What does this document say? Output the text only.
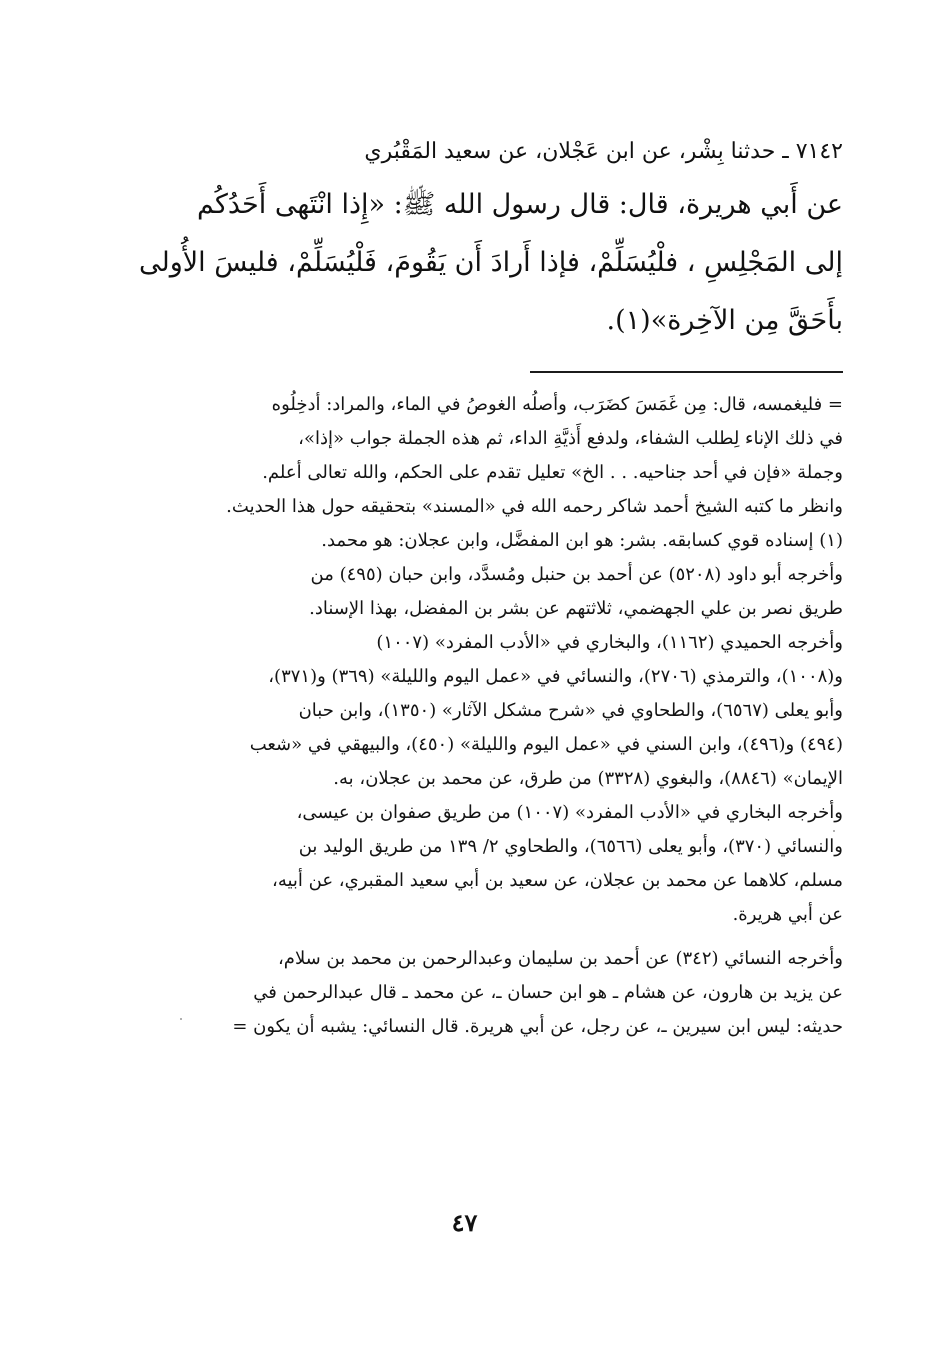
٧١٤٢ ـ حدثنا بِشْر، عن ابن عَجْلان، عن سعيد المَقْبُري
عن أَبي هريرة، قال: قال رسول الله ﷺ: «إِذا انْتَهى أَحَدُكُم
إلى المَجْلِسِ ، فلْيُسَلِّمْ، فإذا أَرادَ أَن يَقُومَ، فَلْيُسَلِّمْ، فليسَ الأُولى
بأَحَقَّ مِن الآخِرة»(١).
= فليغمسه، قال: مِن غَمَسَ كضَرَب، وأصلُه الغوصُ في الماء، والمراد: أدخِلُوه
في ذلك الإناء لِطلب الشفاء، ولدفع أَذيَّةِ الداء، ثم هذه الجملة جواب «إذا»،
وجملة «فإن في أحد جناحيه. . . الخ» تعليل تقدم على الحكم، والله تعالى أعلم.
وانظر ما كتبه الشيخ أحمد شاكر رحمه الله في «المسند» بتحقيقه حول هذا الحديث.
(١) إسناده قوي كسابقه. بشر: هو ابن المفضَّل، وابن عجلان: هو محمد.
وأخرجه أبو داود (٥٢٠٨) عن أحمد بن حنبل ومُسدَّد، وابن حبان (٤٩٥) من
طريق نصر بن علي الجهضمي، ثلاثتهم عن بشر بن المفضل، بهذا الإسناد.
وأخرجه الحميدي (١١٦٢)، والبخاري في «الأدب المفرد» (١٠٠٧)
و(١٠٠٨)، والترمذي (٢٧٠٦)، والنسائي في «عمل اليوم والليلة» (٣٦٩) و(٣٧١)،
وأبو يعلى (٦٥٦٧)، والطحاوي في «شرح مشكل الآثار» (١٣٥٠)، وابن حبان
(٤٩٤) و(٤٩٦)، وابن السني في «عمل اليوم والليلة» (٤٥٠)، والبيهقي في «شعب
الإيمان» (٨٨٤٦)، والبغوي (٣٣٢٨) من طرق، عن محمد بن عجلان، به.
وأخرجه البخاري في «الأدب المفرد» (١٠٠٧) من طريق صفوان بن عيسى،
والنسائي (٣٧٠)، وأبو يعلى (٦٥٦٦)، والطحاوي ٢/ ١٣٩ من طريق الوليد بن
مسلم، كلاهما عن محمد بن عجلان، عن سعيد بن أبي سعيد المقبري، عن أبيه،
عن أبي هريرة.
وأخرجه النسائي (٣٤٢) عن أحمد بن سليمان وعبدالرحمن بن محمد بن سلام،
عن يزيد بن هارون، عن هشام ـ هو ابن حسان ـ، عن محمد ـ قال عبدالرحمن في
حديثه: ليس ابن سيرين ـ، عن رجل، عن أبي هريرة. قال النسائي: يشبه أن يكون =
٤٧
